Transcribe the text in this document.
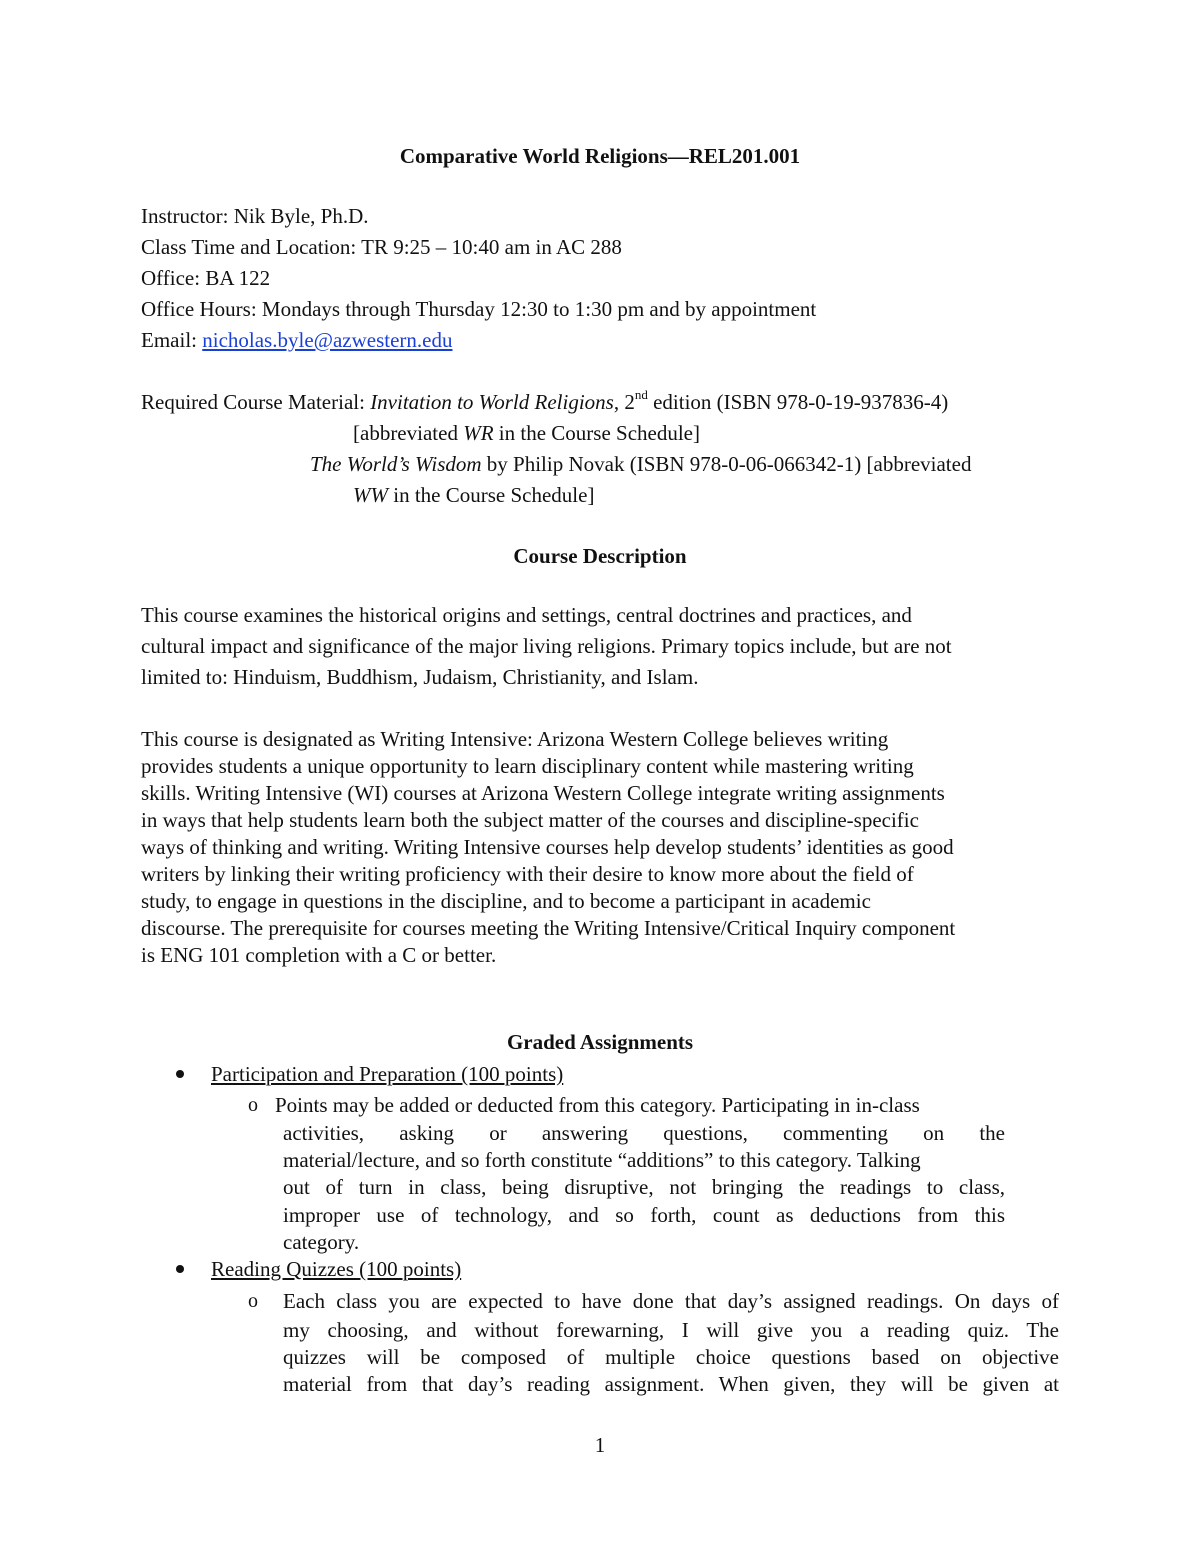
Comparative World Religions—REL201.001
Instructor: Nik Byle, Ph.D.
Class Time and Location: TR 9:25 – 10:40 am in AC 288
Office: BA 122
Office Hours: Mondays through Thursday 12:30 to 1:30 pm and by appointment
Email: nicholas.byle@azwestern.edu
Required Course Material: Invitation to World Religions, 2nd edition (ISBN 978-0-19-937836-4)
[abbreviated WR in the Course Schedule]
The World’s Wisdom by Philip Novak (ISBN 978-0-06-066342-1) [abbreviated
WW in the Course Schedule]
Course Description
This course examines the historical origins and settings, central doctrines and practices, and
cultural impact and significance of the major living religions. Primary topics include, but are not
limited to: Hinduism, Buddhism, Judaism, Christianity, and Islam.
This course is designated as Writing Intensive: Arizona Western College believes writing
provides students a unique opportunity to learn disciplinary content while mastering writing
skills. Writing Intensive (WI) courses at Arizona Western College integrate writing assignments
in ways that help students learn both the subject matter of the courses and discipline-specific
ways of thinking and writing. Writing Intensive courses help develop students’ identities as good
writers by linking their writing proficiency with their desire to know more about the field of
study, to engage in questions in the discipline, and to become a participant in academic
discourse. The prerequisite for courses meeting the Writing Intensive/Critical Inquiry component
is ENG 101 completion with a C or better.
Graded Assignments
Participation and Preparation (100 points)
o Points may be added or deducted from this category. Participating in in-class
activities, asking or answering questions, commenting on the
material/lecture, and so forth constitute “additions” to this category. Talking
out of turn in class, being disruptive, not bringing the readings to class,
improper use of technology, and so forth, count as deductions from this
category.
Reading Quizzes (100 points)
o Each class you are expected to have done that day’s assigned readings. On days of
my choosing, and without forewarning, I will give you a reading quiz. The
quizzes will be composed of multiple choice questions based on objective
material from that day’s reading assignment. When given, they will be given at
1
